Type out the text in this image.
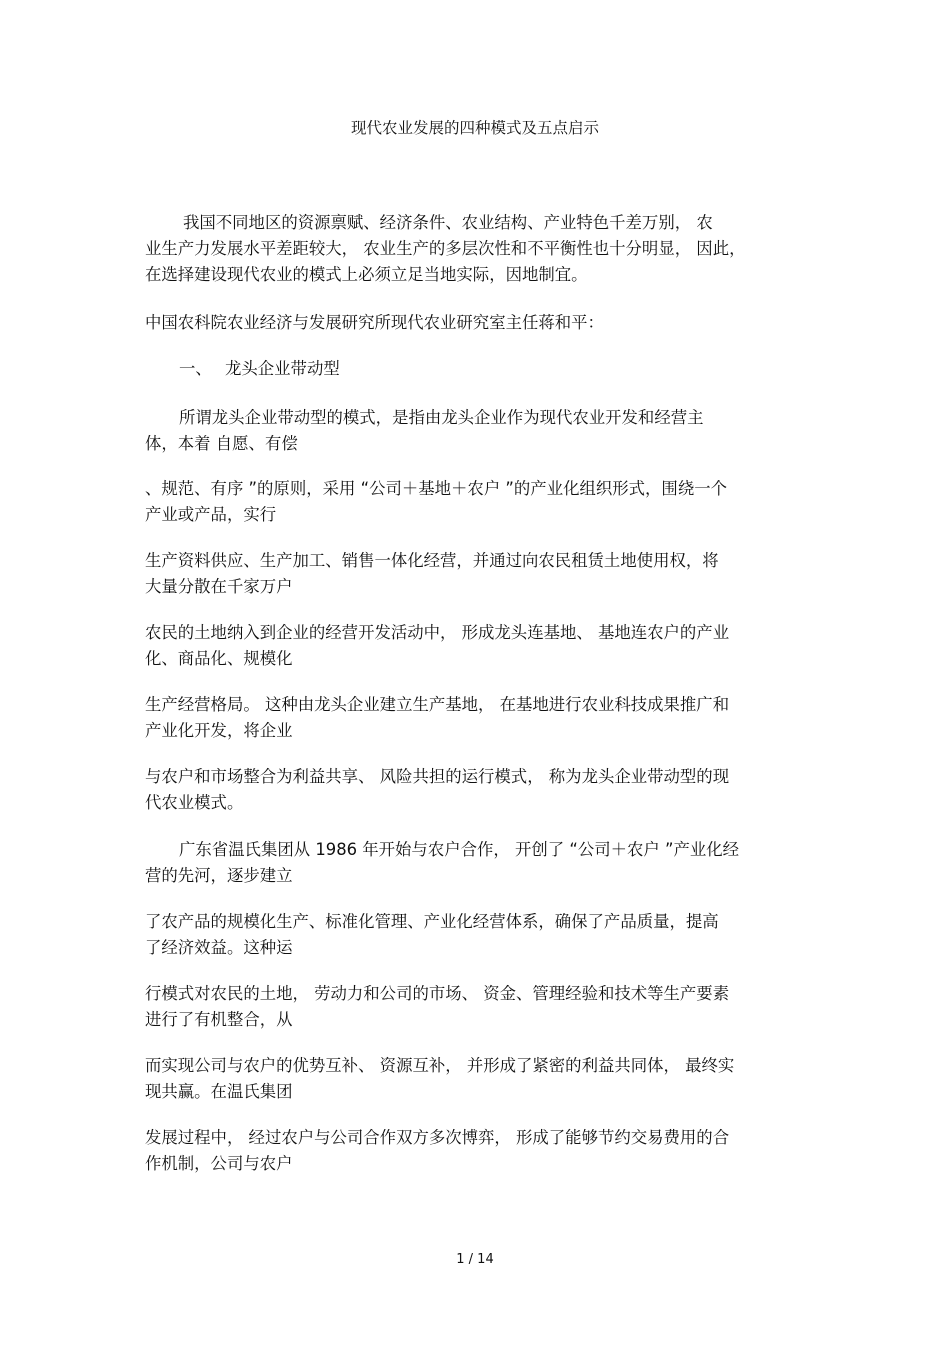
现代农业发展的四种模式及五点启示

我国不同地区的资源禀赋、经济条件、农业结构、产业特色千差万别， 农
业生产力发展水平差距较大， 农业生产的多层次性和不平衡性也十分明显， 因此，
在选择建设现代农业的模式上必须立足当地实际，因地制宜。

中国农科院农业经济与发展研究所现代农业研究室主任蒋和平：

一、 龙头企业带动型

所谓龙头企业带动型的模式，是指由龙头企业作为现代农业开发和经营主
体，本着 自愿、有偿

、规范、有序 ”的原则，采用 “公司＋基地＋农户 ”的产业化组织形式，围绕一个
产业或产品，实行

生产资料供应、生产加工、销售一体化经营，并通过向农民租赁土地使用权，将
大量分散在千家万户

农民的土地纳入到企业的经营开发活动中， 形成龙头连基地、 基地连农户的产业
化、商品化、规模化

生产经营格局。 这种由龙头企业建立生产基地， 在基地进行农业科技成果推广和
产业化开发，将企业

与农户和市场整合为利益共享、 风险共担的运行模式， 称为龙头企业带动型的现
代农业模式。

广东省温氏集团从 1986 年开始与农户合作， 开创了 “公司＋农户 ”产业化经
营的先河，逐步建立

了农产品的规模化生产、标准化管理、产业化经营体系，确保了产品质量，提高
了经济效益。这种运

行模式对农民的土地， 劳动力和公司的市场、 资金、管理经验和技术等生产要素
进行了有机整合，从

而实现公司与农户的优势互补、 资源互补， 并形成了紧密的利益共同体， 最终实
现共赢。在温氏集团

发展过程中， 经过农户与公司合作双方多次博弈， 形成了能够节约交易费用的合
作机制，公司与农户

1 / 14
